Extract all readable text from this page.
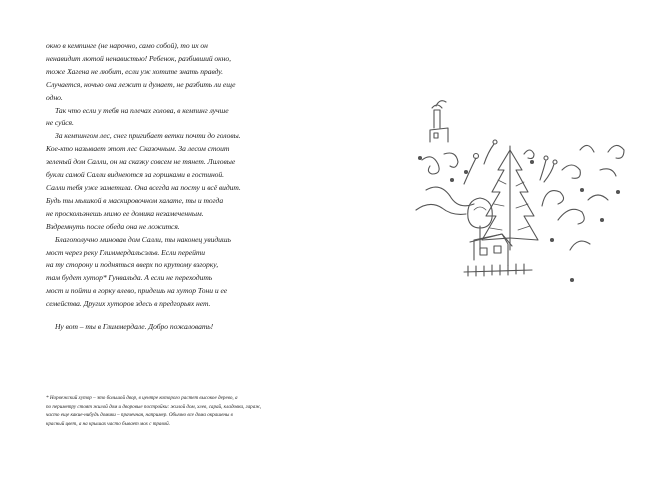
окно в кемпинге (не нарочно, само собой), то их он
ненавидит лютой ненавистью! Ребенок, разбивший окно,
тоже Хагена не любит, если уж хотите знать правду.
Случается, ночью она лежит и думает, не разбить ли еще
одно.
Так что если у тебя на плечах голова, в кемпинг лучше
не суйся.
За кемпингом лес, снег пригибает ветки почти до головы.
Кое-кто называет этот лес Сказочным. За лесом стоит
зеленый дом Салли, он на сказку совсем не тянет. Лиловые
букли самой Салли виднеются за горшками в гостиной.
Салли тебя уже заметила. Она всегда на посту и всё видит.
Будь ты мышкой в маскировочном халате, ты и тогда
не проскользнешь мимо ее домика незамеченным.
Вздремнуть после обеда она не ложится.
Благополучно миновав дом Салли, ты наконец увидишь
мост через реку Глиммердальсэльв. Если перейти
на ту сторону и подняться вверх по крутому взгорку,
там будет хутор* Гунвальда. А если не переходить
мост и пойти в горку влево, придешь на хутор Тони и ее
семейства. Других хуторов здесь в предгорьях нет.
Ну вот – ты в Глиммердале. Добро пожаловать!
* Норвежский хутор – это большой двор, в центре которого растет высокое дерево, а
по периметру стоят жилой дом и дворовые постройки: жилой дом, хлев, сарай, кладовка, гараж,
часто еще какие-нибудь домики – прачечная, например. Обычно все дома окрашены в
красный цвет, а на крышах часто бывает мох с травой.
